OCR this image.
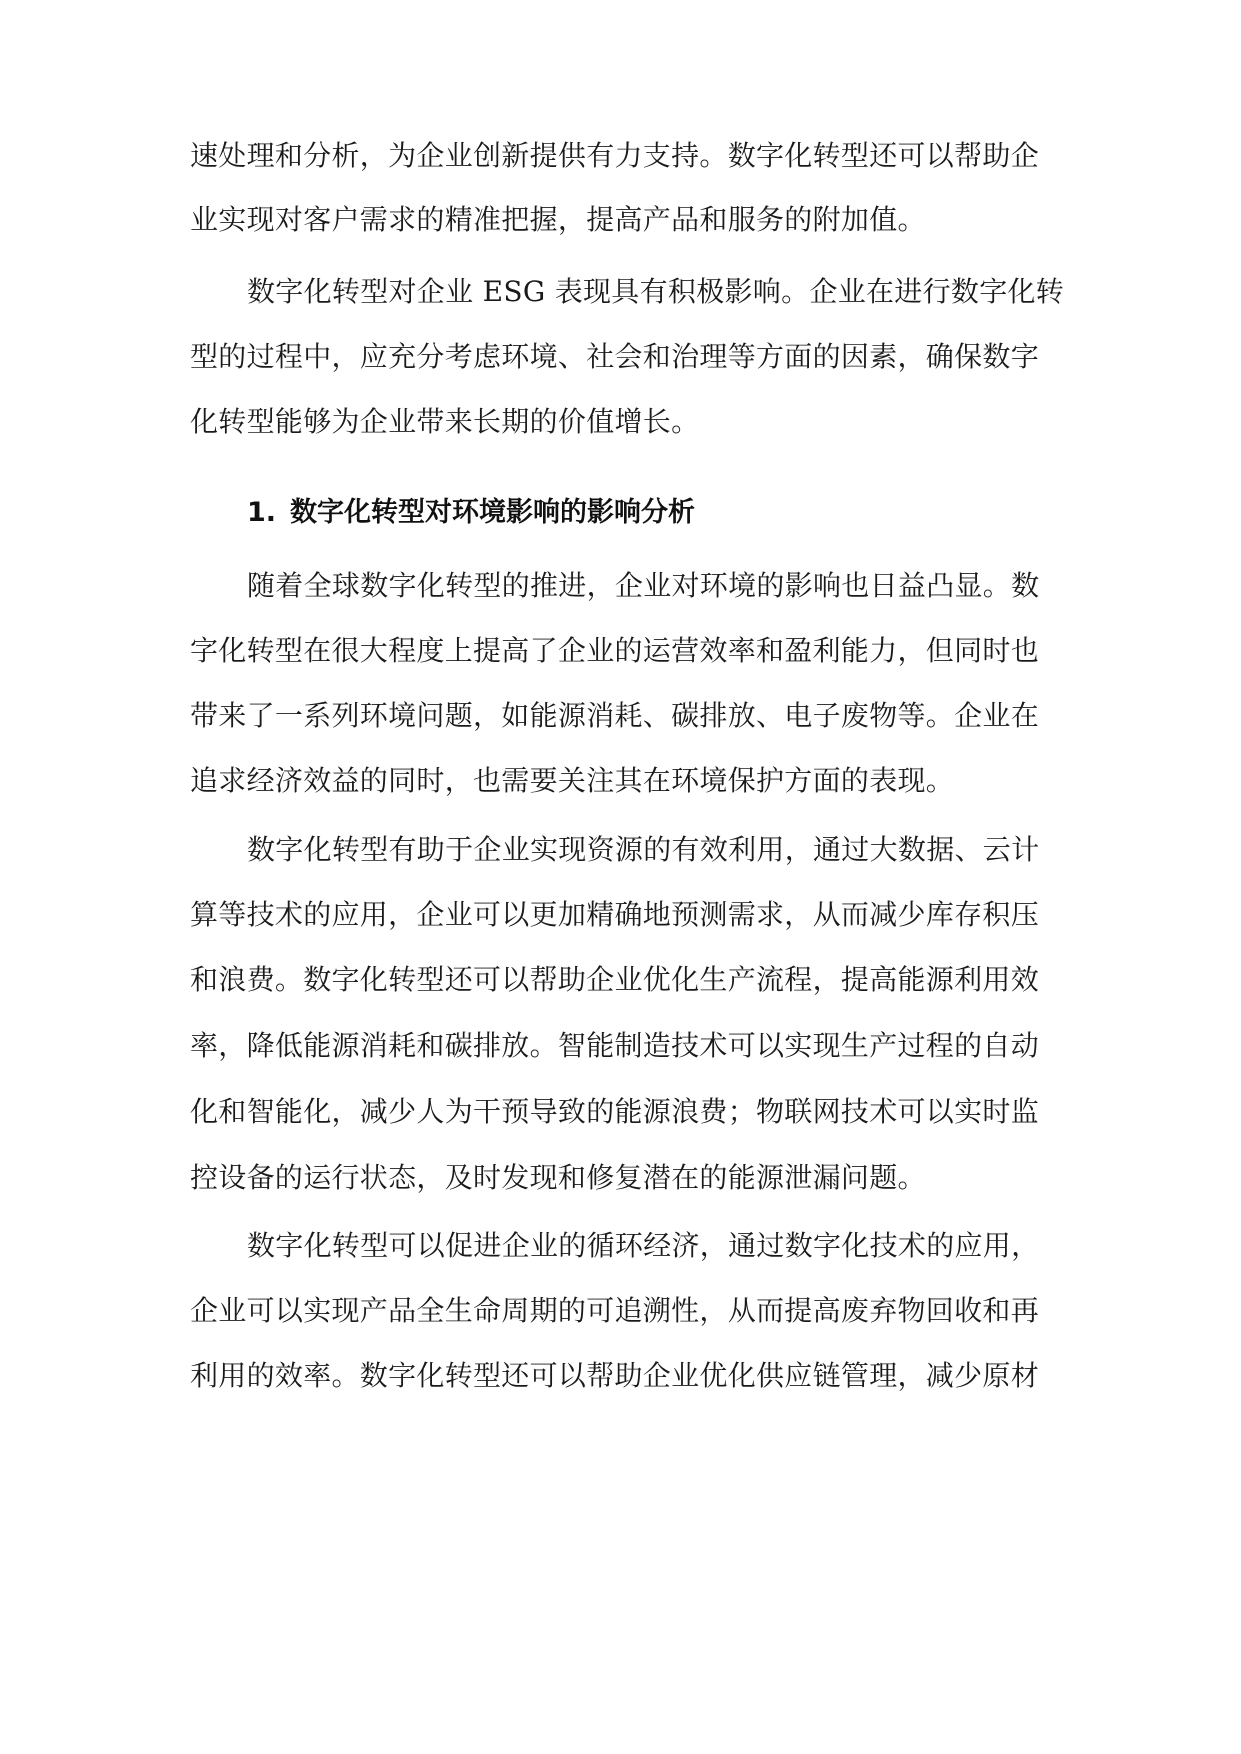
速处理和分析，为企业创新提供有力支持。数字化转型还可以帮助企

业实现对客户需求的精准把握，提高产品和服务的附加值。

数字化转型对企业 ESG 表现具有积极影响。企业在进行数字化转

型的过程中，应充分考虑环境、社会和治理等方面的因素，确保数字

化转型能够为企业带来长期的价值增长。

1. 数字化转型对环境影响的影响分析

随着全球数字化转型的推进，企业对环境的影响也日益凸显。数

字化转型在很大程度上提高了企业的运营效率和盈利能力，但同时也

带来了一系列环境问题，如能源消耗、碳排放、电子废物等。企业在

追求经济效益的同时，也需要关注其在环境保护方面的表现。

数字化转型有助于企业实现资源的有效利用，通过大数据、云计

算等技术的应用，企业可以更加精确地预测需求，从而减少库存积压

和浪费。数字化转型还可以帮助企业优化生产流程，提高能源利用效

率，降低能源消耗和碳排放。智能制造技术可以实现生产过程的自动

化和智能化，减少人为干预导致的能源浪费；物联网技术可以实时监

控设备的运行状态，及时发现和修复潜在的能源泄漏问题。

数字化转型可以促进企业的循环经济，通过数字化技术的应用，

企业可以实现产品全生命周期的可追溯性，从而提高废弃物回收和再

利用的效率。数字化转型还可以帮助企业优化供应链管理，减少原材
